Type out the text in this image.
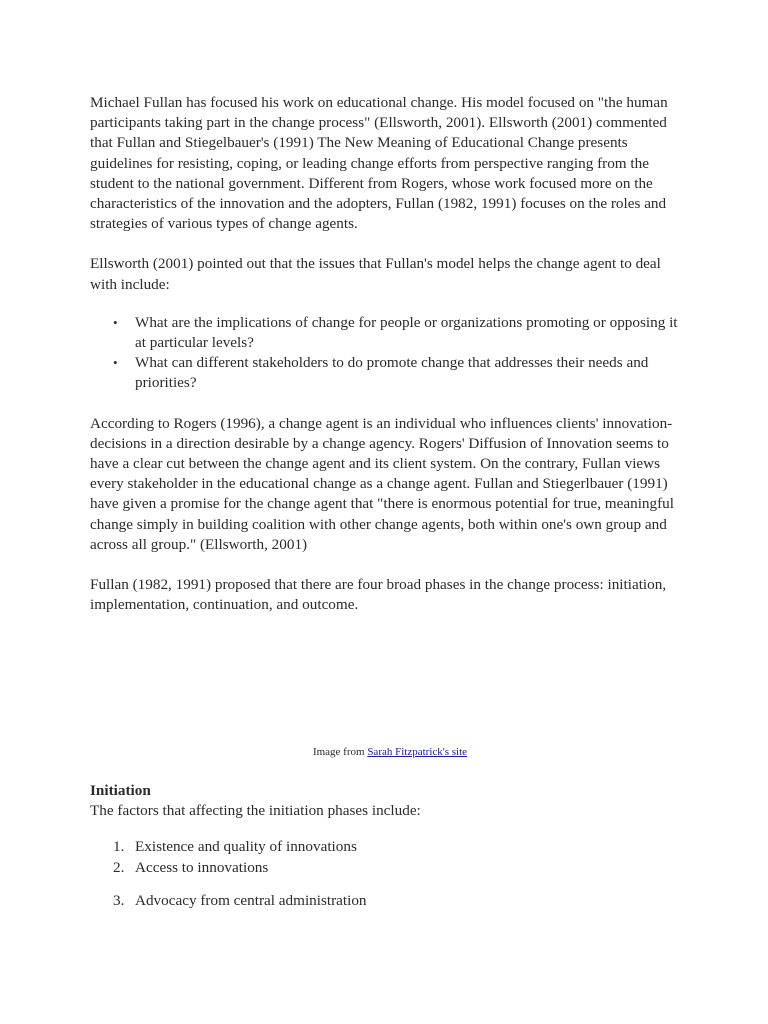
Michael Fullan has focused his work on educational change. His model focused on "the human participants taking part in the change process" (Ellsworth, 2001). Ellsworth (2001) commented that Fullan and Stiegelbauer's (1991) The New Meaning of Educational Change presents guidelines for resisting, coping, or leading change efforts from perspective ranging from the student to the national government. Different from Rogers, whose work focused more on the characteristics of the innovation and the adopters, Fullan (1982, 1991) focuses on the roles and strategies of various types of change agents.

Ellsworth (2001) pointed out that the issues that Fullan's model helps the change agent to deal with include:

• What are the implications of change for people or organizations promoting or opposing it at particular levels?
• What can different stakeholders to do promote change that addresses their needs and priorities?

According to Rogers (1996), a change agent is an individual who influences clients' innovation-decisions in a direction desirable by a change agency. Rogers' Diffusion of Innovation seems to have a clear cut between the change agent and its client system. On the contrary, Fullan views every stakeholder in the educational change as a change agent. Fullan and Stiegerlbauer (1991) have given a promise for the change agent that "there is enormous potential for true, meaningful change simply in building coalition with other change agents, both within one's own group and across all group." (Ellsworth, 2001)

Fullan (1982, 1991) proposed that there are four broad phases in the change process: initiation, implementation, continuation, and outcome.

Image from Sarah Fitzpatrick's site
Initiation
The factors that affecting the initiation phases include:
1. Existence and quality of innovations
2. Access to innovations
3. Advocacy from central administration
